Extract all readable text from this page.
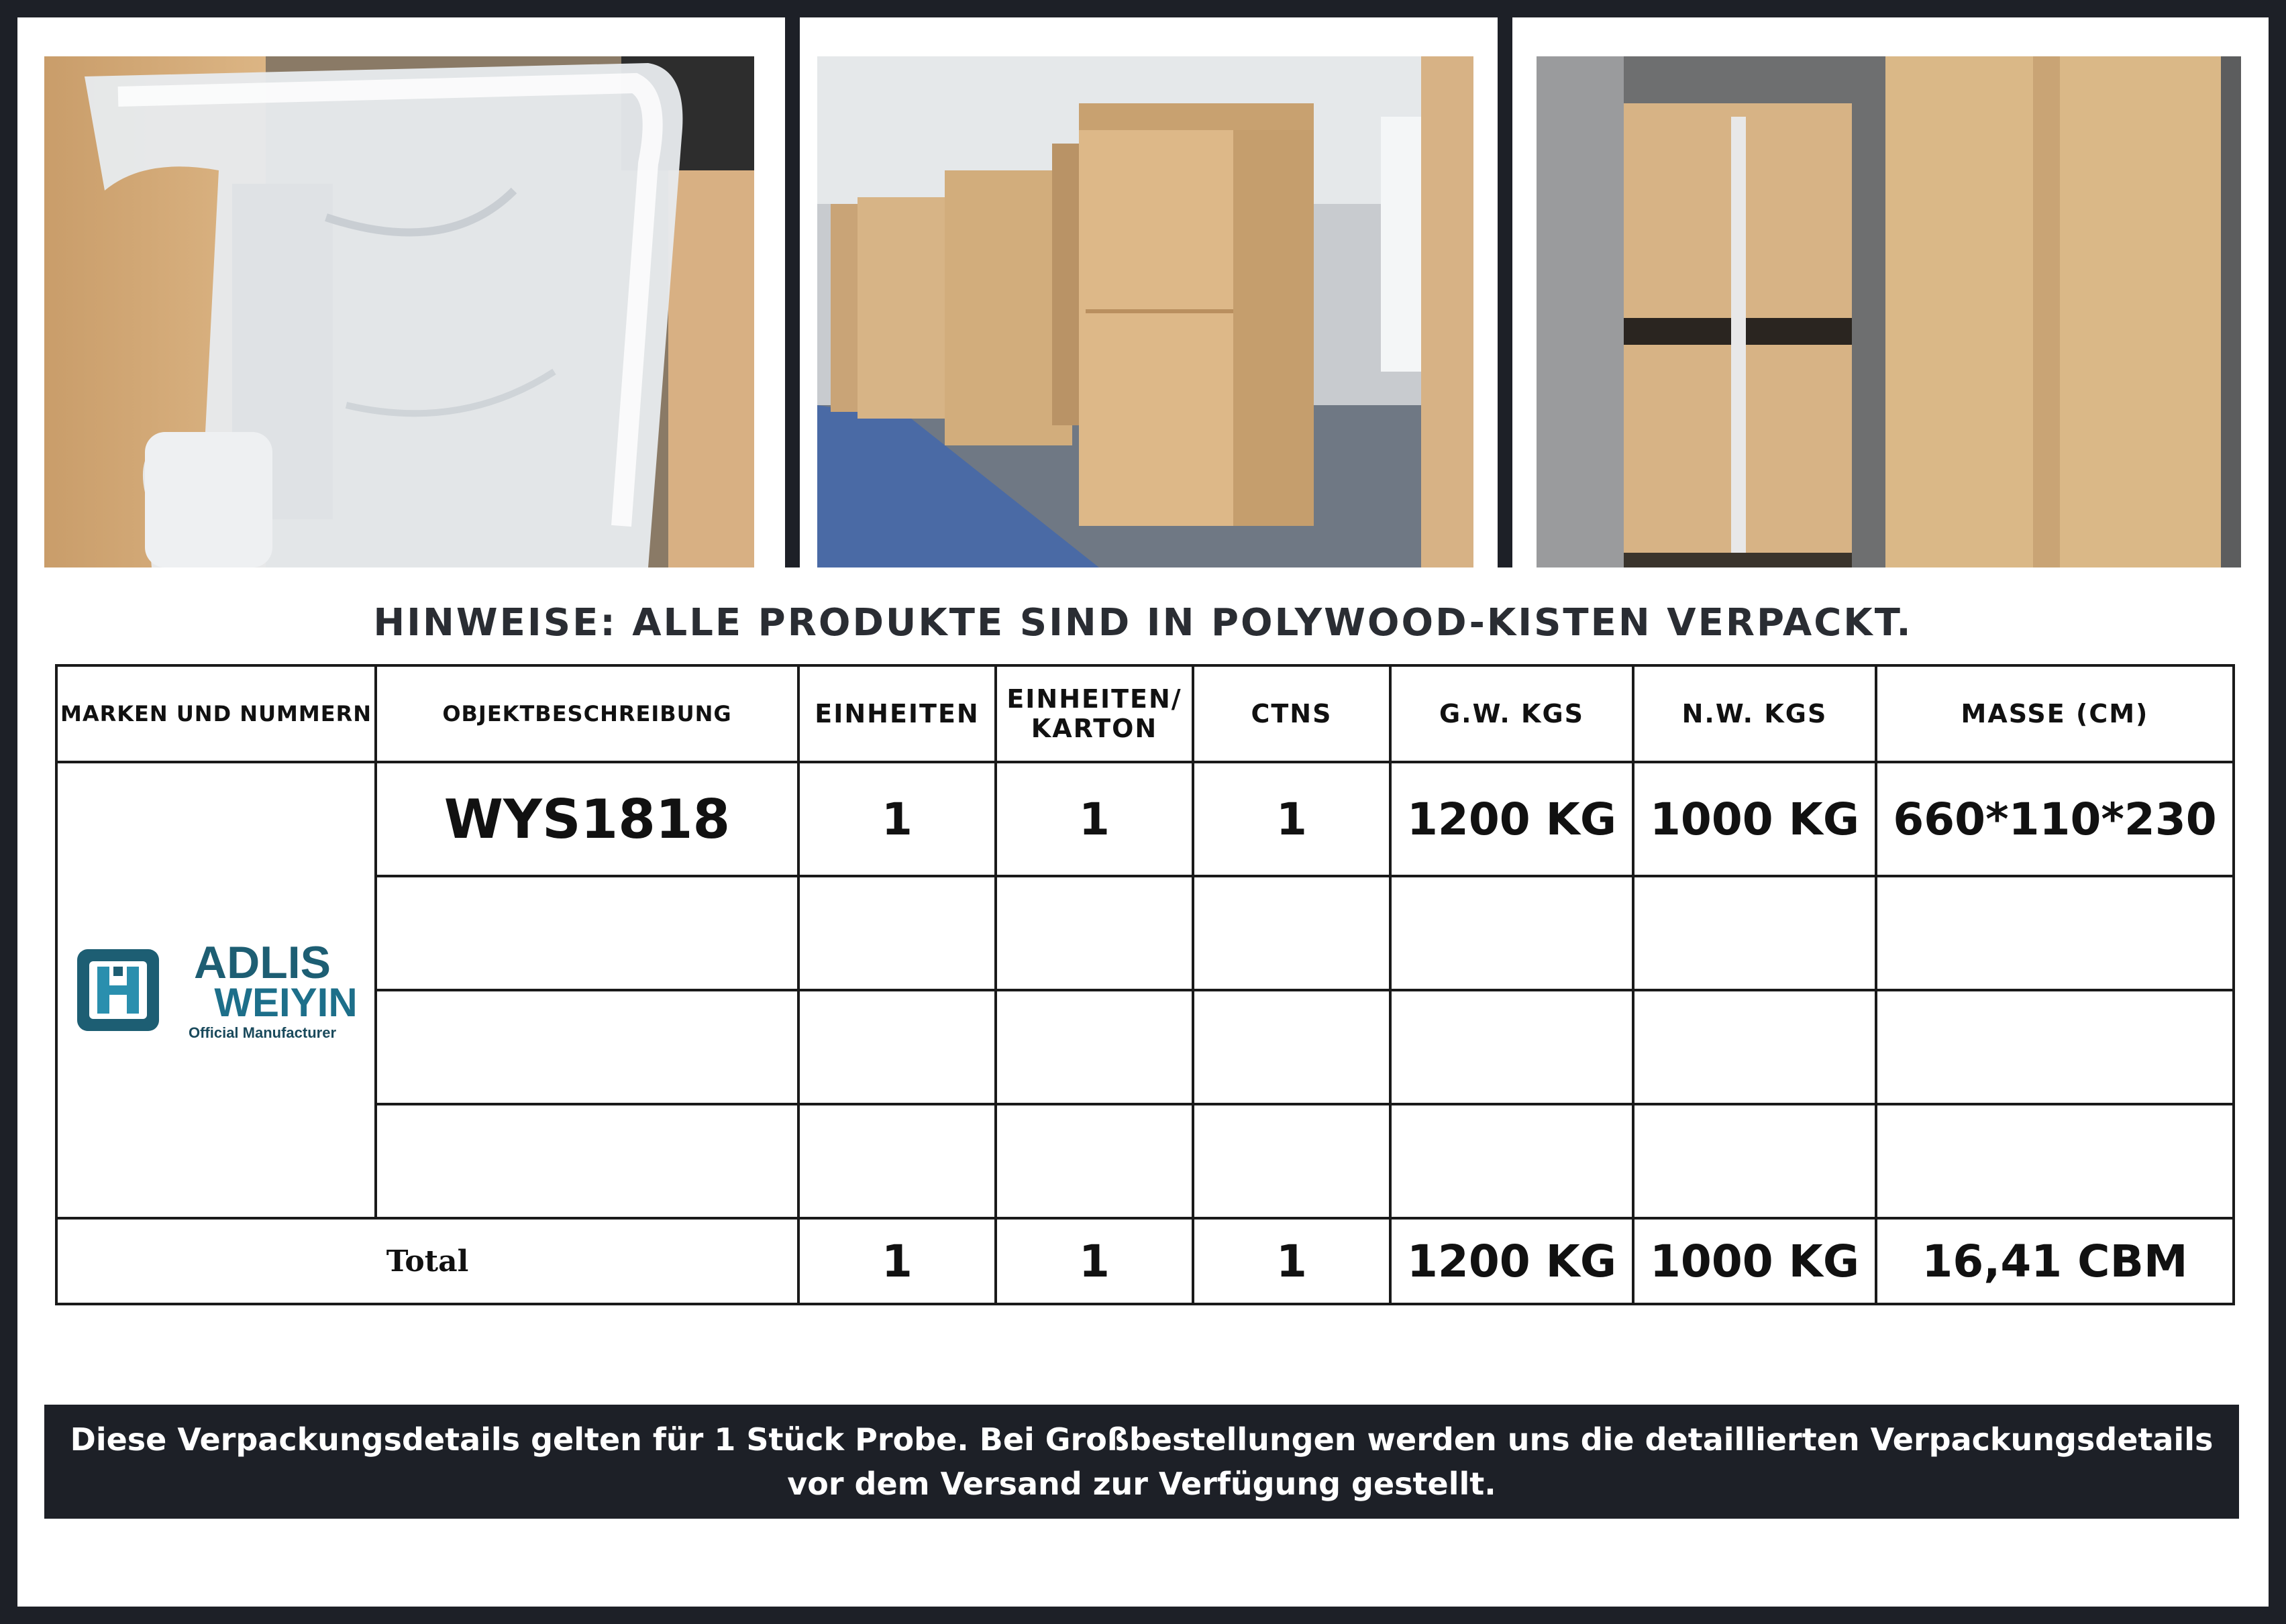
HINWEISE: ALLE PRODUKTE SIND IN POLYWOOD-KISTEN VERPACKT.
MARKEN UND NUMMERN	OBJEKTBESCHREIBUNG	EINHEITEN	EINHEITEN/KARTON	CTNS	G.W. KGS	N.W. KGS	MASSE (CM)

ADLIS
WEIYIN
Official Manufacturer	WYS1818	1	1	1	1200 KG	1000 KG	660*110*230

Total		1	1	1	1200 KG	1000 KG	16,41 CBM
Diese Verpackungsdetails gelten für 1 Stück Probe. Bei Großbestellungen werden uns die detaillierten Verpackungsdetails vor dem Versand zur Verfügung gestellt.
